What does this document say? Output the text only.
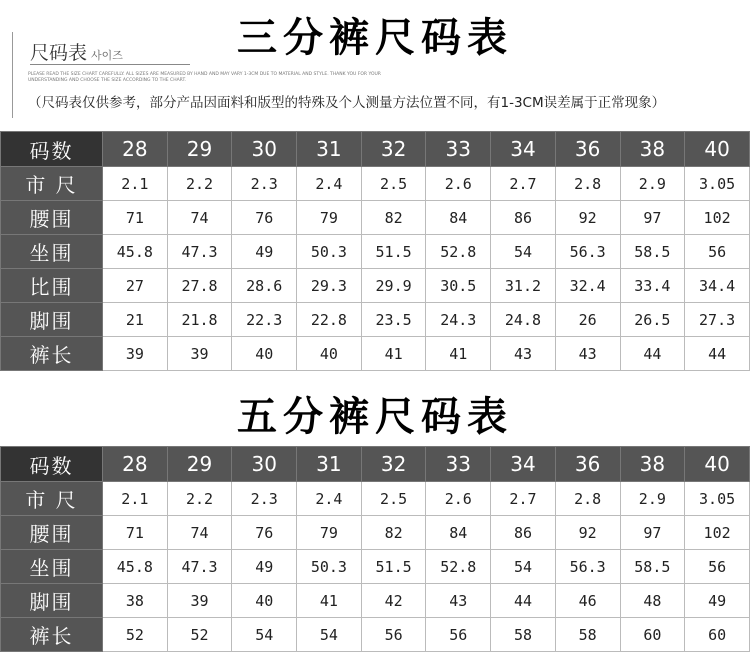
三分裤尺码表
尺码表 사이즈
PLEASE READ THE SIZE CHART CAREFULLY. ALL SIZES ARE MEASURED BY HAND AND MAY VARY 1-3CM DUE TO MATERIAL AND STYLE. THANK YOU FOR YOUR UNDERSTANDING AND CHOOSE THE SIZE ACCORDING TO THE CHART.
（尺码表仅供参考，部分产品因面料和版型的特殊及个人测量方法位置不同，有1-3CM误差属于正常现象）
码数	28	29	30	31	32	33	34	36	38	40
市 尺	2.1	2.2	2.3	2.4	2.5	2.6	2.7	2.8	2.9	3.05
腰围	71	74	76	79	82	84	86	92	97	102
坐围	45.8	47.3	49	50.3	51.5	52.8	54	56.3	58.5	56
比围	27	27.8	28.6	29.3	29.9	30.5	31.2	32.4	33.4	34.4
脚围	21	21.8	22.3	22.8	23.5	24.3	24.8	26	26.5	27.3
裤长	39	39	40	40	41	41	43	43	44	44
五分裤尺码表
码数	28	29	30	31	32	33	34	36	38	40
市 尺	2.1	2.2	2.3	2.4	2.5	2.6	2.7	2.8	2.9	3.05
腰围	71	74	76	79	82	84	86	92	97	102
坐围	45.8	47.3	49	50.3	51.5	52.8	54	56.3	58.5	56
脚围	38	39	40	41	42	43	44	46	48	49
裤长	52	52	54	54	56	56	58	58	60	60
